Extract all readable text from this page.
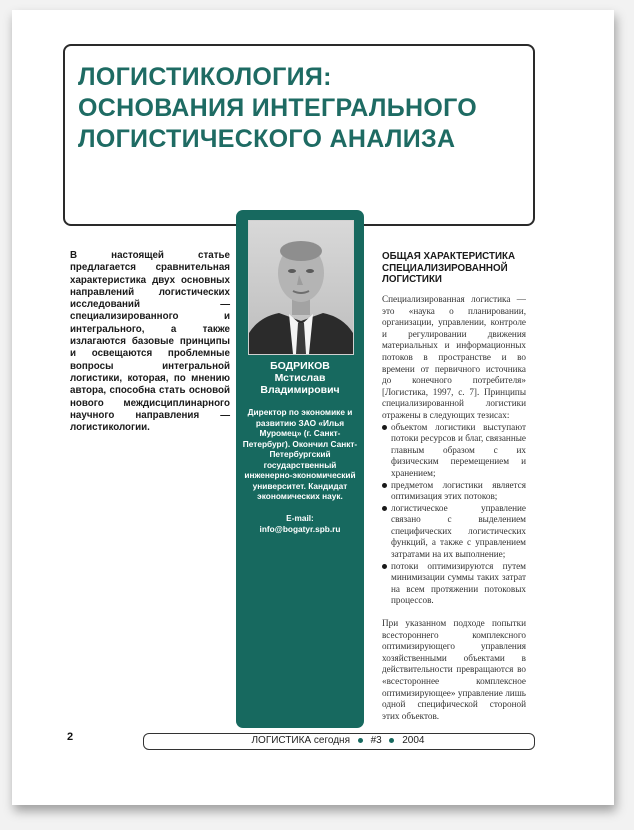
ЛОГИСТИКОЛОГИЯ:
ОСНОВАНИЯ ИНТЕГРАЛЬНОГО
ЛОГИСТИЧЕСКОГО АНАЛИЗА

В настоящей статье предлагается сравнительная характеристика двух основных направлений логистических исследований — специализированного и интегрального, а также излагаются базовые принципы и освещаются проблемные вопросы интегральной логистики, которая, по мнению автора, способна стать основой нового междисциплинарного научного направления — логистикологии.

БОДРИКОВ
Мстислав
Владимирович

Директор по экономике и развитию ЗАО «Илья Муромец» (г. Санкт-Петербург). Окончил Санкт-Петербургский государственный инженерно-экономический университет. Кандидат экономических наук.

E-mail:
info@bogatyr.spb.ru
ОБЩАЯ ХАРАКТЕРИСТИКА
СПЕЦИАЛИЗИРОВАННОЙ
ЛОГИСТИКИ

Специализированная логистика — это «наука о планировании, организации, управлении, контроле и регулировании движения материальных и информационных потоков в пространстве и во времени от первичного источника до конечного потребителя» [Логистика, 1997, с. 7]. Принципы специализированной логистики отражены в следующих тезисах:

объектом логистики выступают потоки ресурсов и благ, связанные главным образом с их физическим перемещением и хранением;
предметом логистики является оптимизация этих потоков;
логистическое управление связано с выделением специфических логистических функций, а также с управлением затратами на их выполнение;
потоки оптимизируются путем минимизации суммы таких затрат на всем протяжении потоковых процессов.

При указанном подходе попытки всестороннего комплексного оптимизирующего управления хозяйственными объектами в действительности превращаются во «всестороннее комплексное оптимизирующее» управление лишь одной специфической стороной этих объектов.

2	ЛОГИСТИКА сегодня #3 2004
